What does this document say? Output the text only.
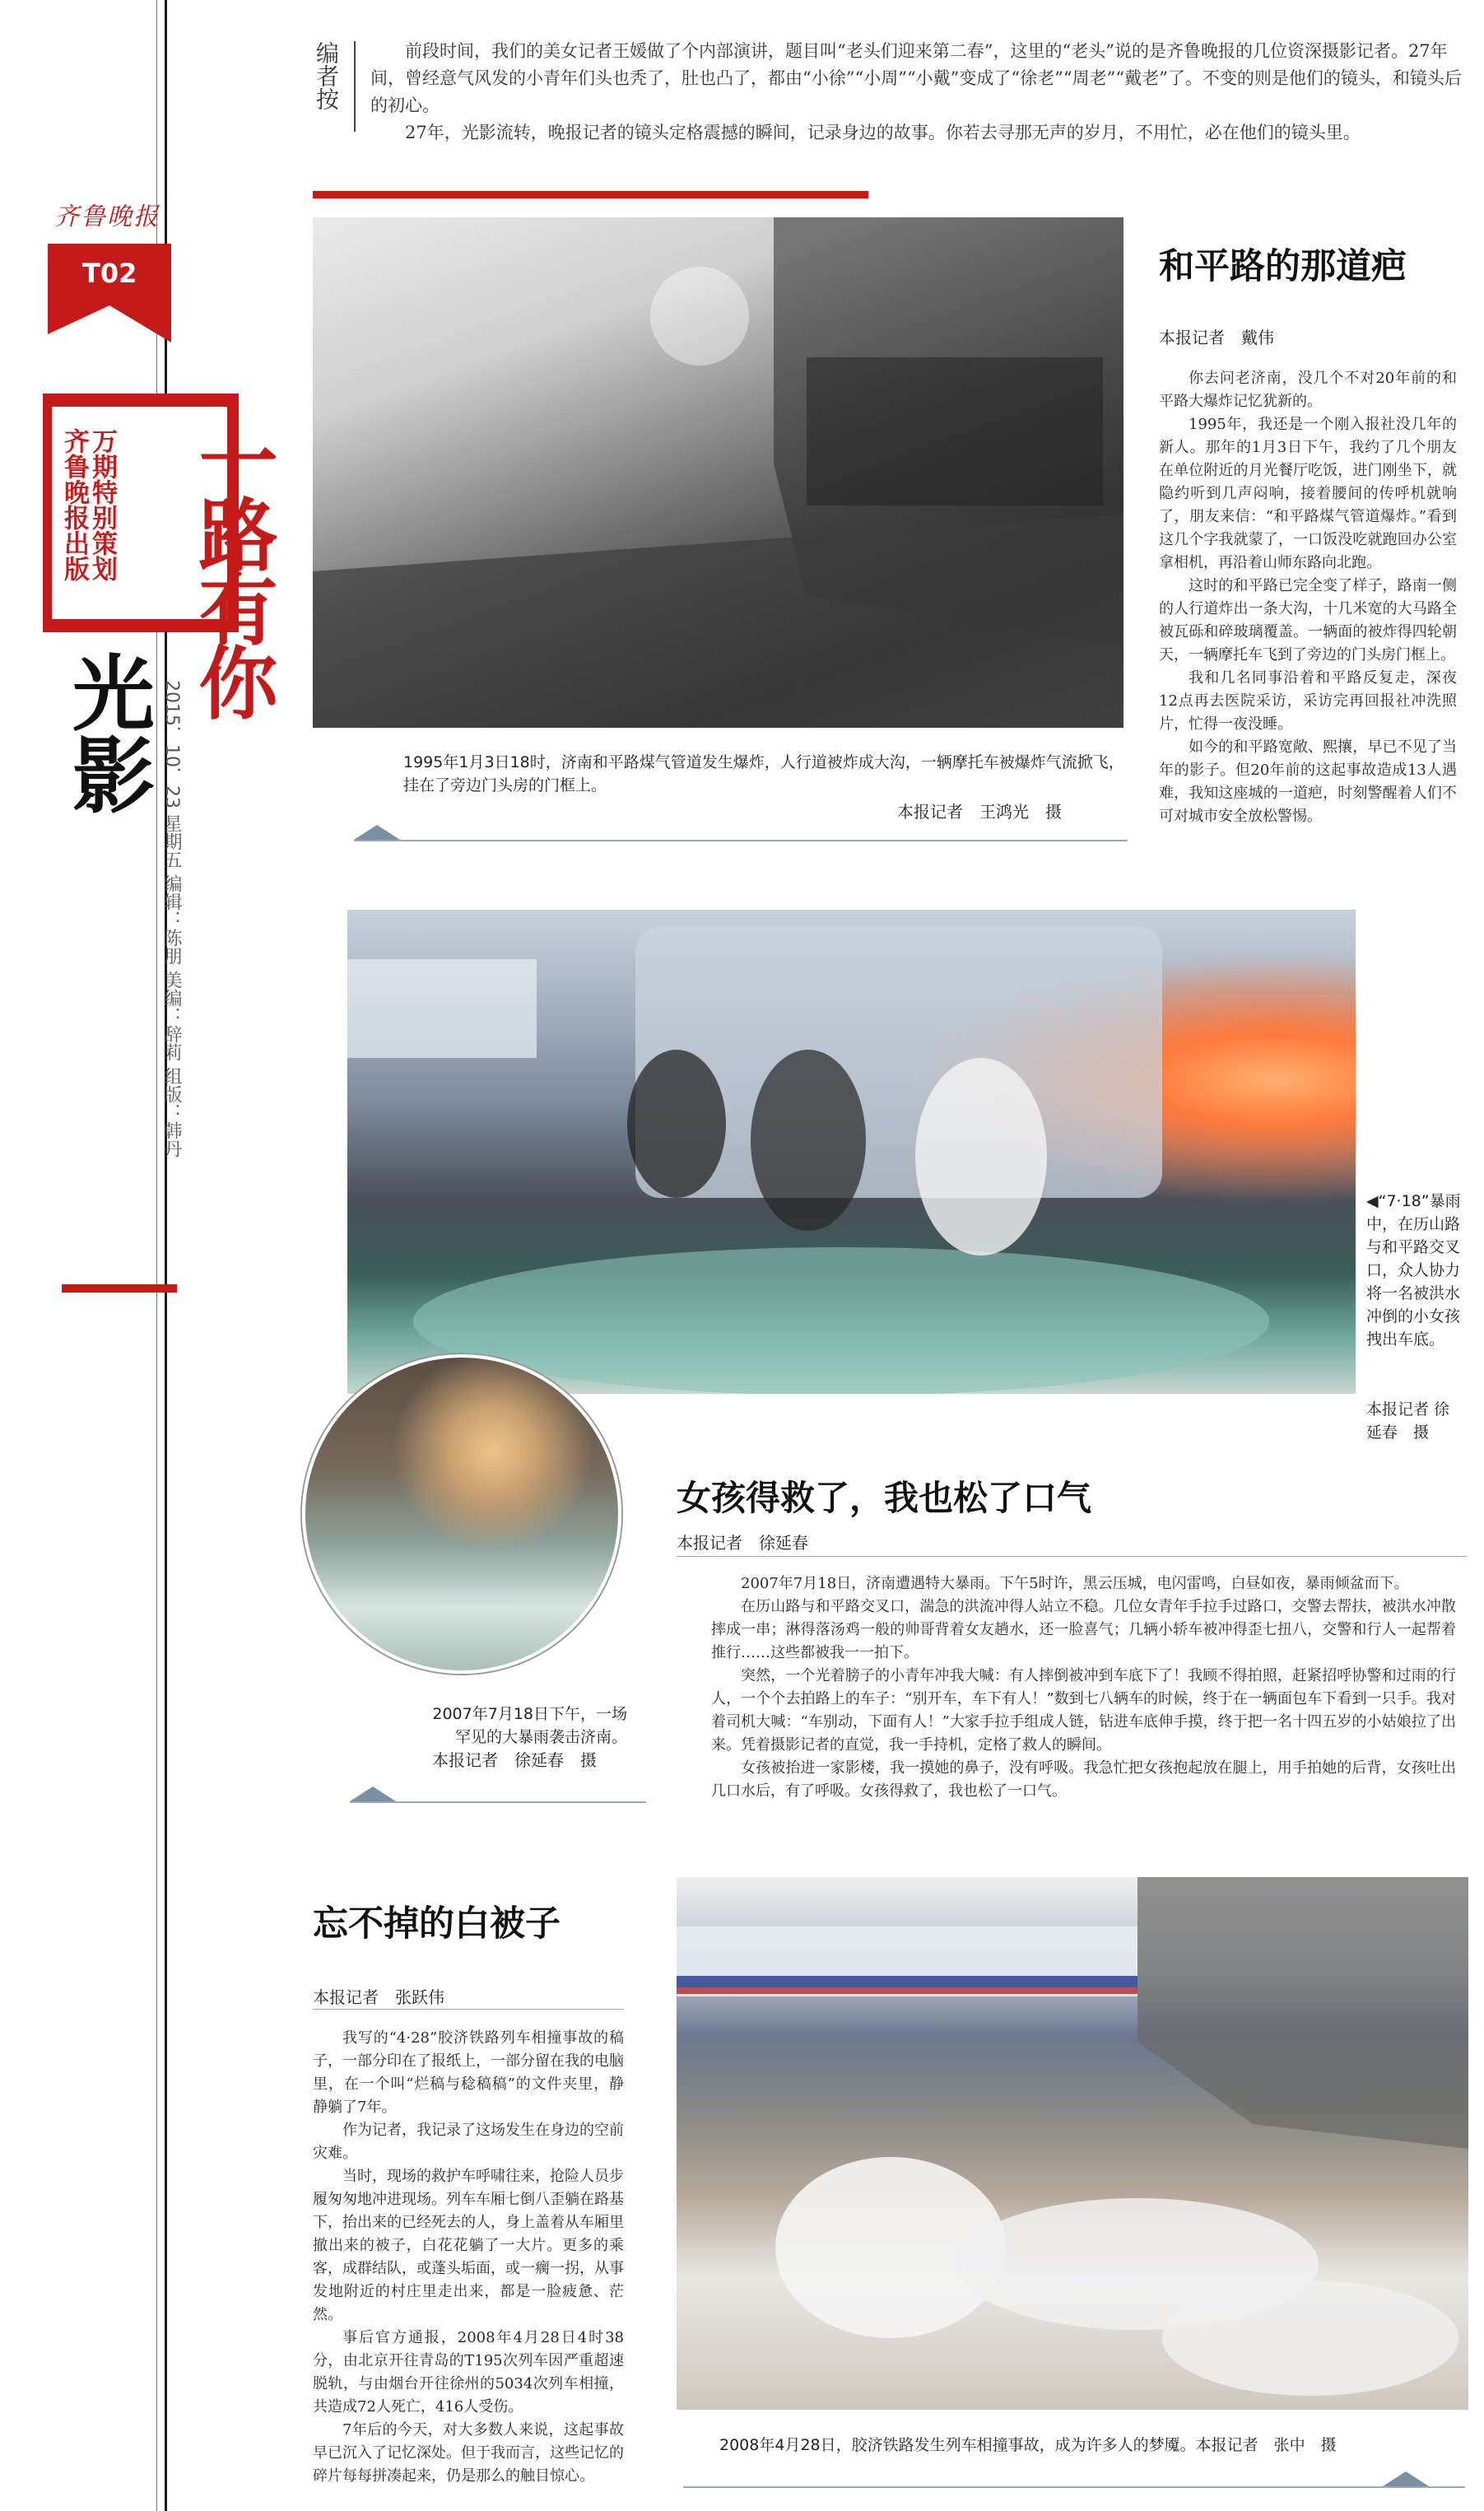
齐鲁晚报
T02
一路有你
齐鲁晚报出版
万期特别策划
光影 2015．10．23 星期五 编辑：陈朋 美编：辞莉 组版：韩丹
编者按	前段时间，我们的美女记者王媛做了个内部演讲，题目叫“老头们迎来第二春”，这里的“老头”说的是齐鲁晚报的几位资深摄影记者。27年间，曾经意气风发的小青年们头也秃了，肚也凸了，都由“小徐”“小周”“小戴”变成了“徐老”“周老”“戴老”了。不变的则是他们的镜头，和镜头后的初心。

27年，光影流转，晚报记者的镜头定格震撼的瞬间，记录身边的故事。你若去寻那无声的岁月，不用忙，必在他们的镜头里。

1995年1月3日18时，济南和平路煤气管道发生爆炸，人行道被炸成大沟，一辆摩托车被爆炸气流掀飞，挂在了旁边门头房的门框上。
本报记者　王鸿光　摄
和平路的那道疤
本报记者　戴伟

你去问老济南，没几个不对20年前的和平路大爆炸记忆犹新的。

1995年，我还是一个刚入报社没几年的新人。那年的1月3日下午，我约了几个朋友在单位附近的月光餐厅吃饭，进门刚坐下，就隐约听到几声闷响，接着腰间的传呼机就响了，朋友来信：“和平路煤气管道爆炸。”看到这几个字我就蒙了，一口饭没吃就跑回办公室拿相机，再沿着山师东路向北跑。

这时的和平路已完全变了样子，路南一侧的人行道炸出一条大沟，十几米宽的大马路全被瓦砾和碎玻璃覆盖。一辆面的被炸得四轮朝天，一辆摩托车飞到了旁边的门头房门框上。

我和几名同事沿着和平路反复走，深夜12点再去医院采访，采访完再回报社冲洗照片，忙得一夜没睡。

如今的和平路宽敞、熙攘，早已不见了当年的影子。但20年前的这起事故造成13人遇难，我知这座城的一道疤，时刻警醒着人们不可对城市安全放松警惕。

◀“7·18”暴雨中，在历山路与和平路交叉口，众人协力将一名被洪水冲倒的小女孩拽出车底。
本报记者 徐延春　摄
女孩得救了，我也松了口气
本报记者　徐延春

2007年7月18日，济南遭遇特大暴雨。下午5时许，黑云压城，电闪雷鸣，白昼如夜，暴雨倾盆而下。

在历山路与和平路交叉口，湍急的洪流冲得人站立不稳。几位女青年手拉手过路口，交警去帮扶，被洪水冲散摔成一串；淋得落汤鸡一般的帅哥背着女友趟水，还一脸喜气；几辆小轿车被冲得歪七扭八，交警和行人一起帮着推行……这些都被我一一拍下。

突然，一个光着膀子的小青年冲我大喊：有人摔倒被冲到车底下了！我顾不得拍照，赶紧招呼协警和过雨的行人，一个个去拍路上的车子：“别开车，车下有人！”数到七八辆车的时候，终于在一辆面包车下看到一只手。我对着司机大喊：“车别动，下面有人！”大家手拉手组成人链，钻进车底伸手摸，终于把一名十四五岁的小姑娘拉了出来。凭着摄影记者的直觉，我一手持机，定格了救人的瞬间。

女孩被抬进一家影楼，我一摸她的鼻子，没有呼吸。我急忙把女孩抱起放在腿上，用手拍她的后背，女孩吐出几口水后，有了呼吸。女孩得救了，我也松了一口气。

2007年7月18日下午，一场罕见的大暴雨袭击济南。
本报记者　徐延春　摄
忘不掉的白被子
本报记者　张跃伟

我写的“4·28”胶济铁路列车相撞事故的稿子，一部分印在了报纸上，一部分留在我的电脑里，在一个叫“烂稿与稔稿稿”的文件夹里，静静躺了7年。

作为记者，我记录了这场发生在身边的空前灾难。

当时，现场的救护车呼啸往来，抢险人员步履匆匆地冲进现场。列车车厢七倒八歪躺在路基下，抬出来的已经死去的人，身上盖着从车厢里撤出来的被子，白花花躺了一大片。更多的乘客，成群结队，或蓬头垢面，或一瘸一拐，从事发地附近的村庄里走出来，都是一脸疲惫、茫然。

事后官方通报，2008年4月28日4时38分，由北京开往青岛的T195次列车因严重超速脱轨，与由烟台开往徐州的5034次列车相撞，共造成72人死亡，416人受伤。

7年后的今天，对大多数人来说，这起事故早已沉入了记忆深处。但于我而言，这些记忆的碎片每每拼凑起来，仍是那么的触目惊心。

2008年4月28日，胶济铁路发生列车相撞事故，成为许多人的梦魇。本报记者　张中　摄
